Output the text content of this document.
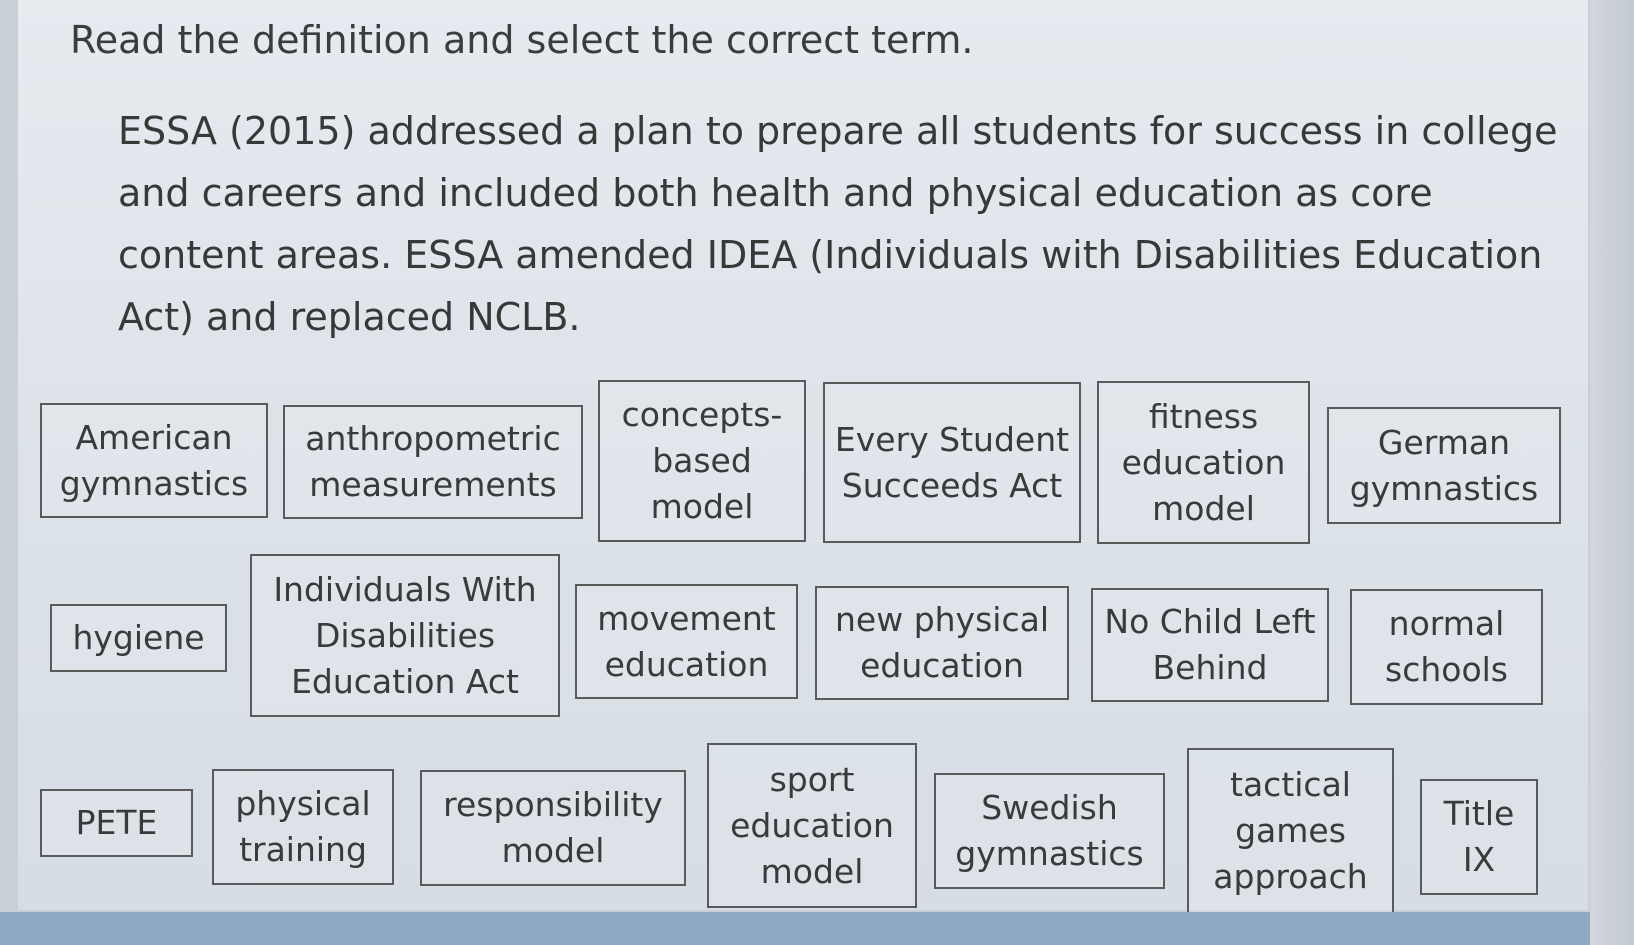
Read the definition and select the correct term.
ESSA (2015) addressed a plan to prepare all students for success in college and careers and included both health and physical education as core content areas. ESSA amended IDEA (Individuals with Disabilities Education Act) and replaced NCLB.
American gymnastics
anthropometric measurements
concepts-based model
Every Student Succeeds Act
fitness education model
German gymnastics
hygiene
Individuals With Disabilities Education Act
movement education
new physical education
No Child Left Behind
normal schools
PETE	physical training
responsibility model
sport education model
Swedish gymnastics
tactical games approach
Title IX
